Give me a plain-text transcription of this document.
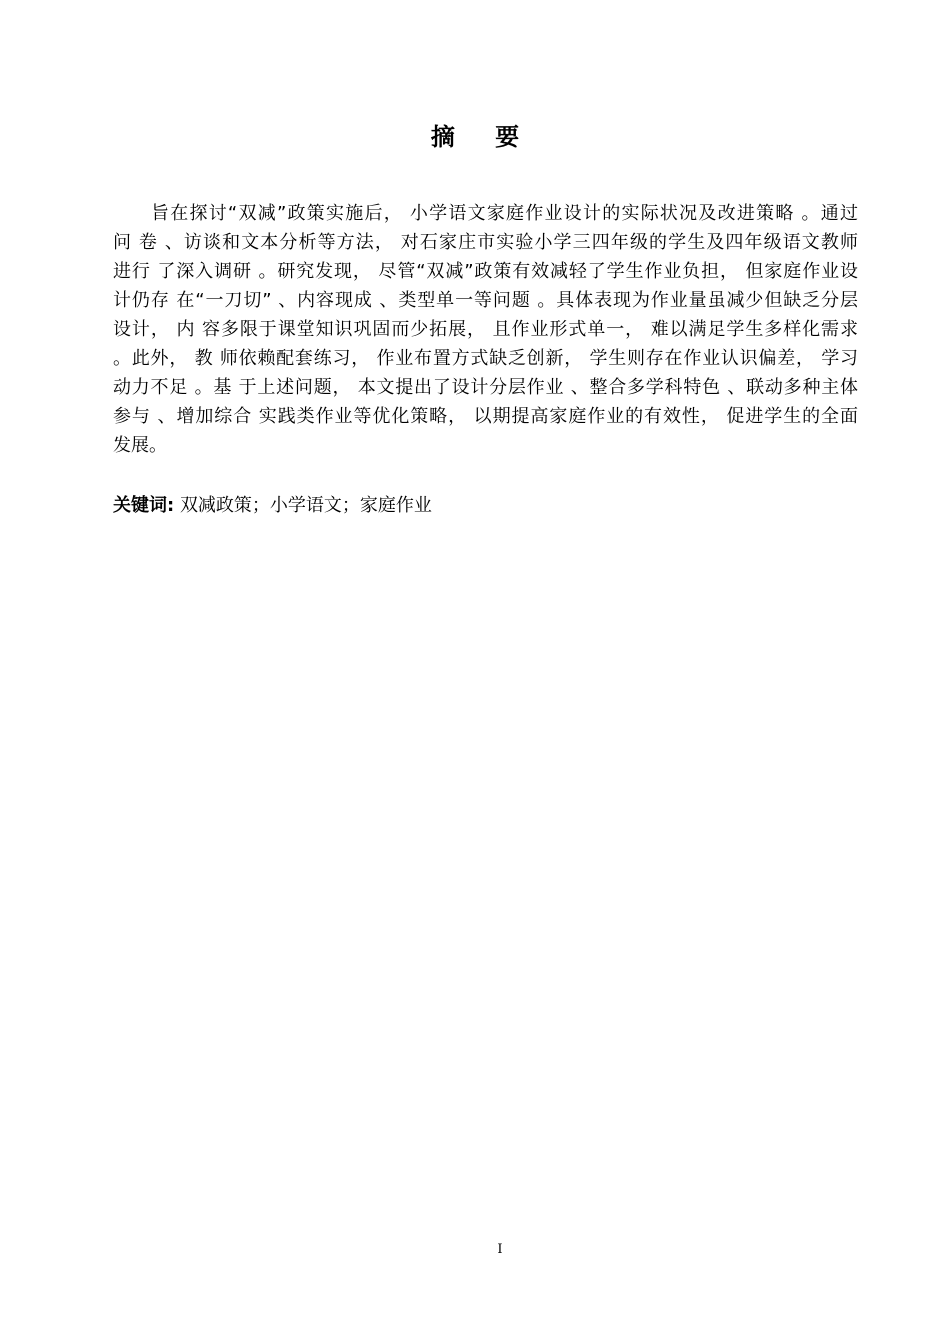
摘 要
旨在探讨“双减”政策实施后， 小学语文家庭作业设计的实际状况及改进策略 。通过
问 卷 、访谈和文本分析等方法， 对石家庄市实验小学三四年级的学生及四年级语文教师
进行 了深入调研 。研究发现， 尽管“双减”政策有效减轻了学生作业负担， 但家庭作业设
计仍存 在“一刀切” 、内容现成 、类型单一等问题 。具体表现为作业量虽减少但缺乏分层
设计， 内 容多限于课堂知识巩固而少拓展， 且作业形式单一， 难以满足学生多样化需求
。此外， 教 师依赖配套练习， 作业布置方式缺乏创新， 学生则存在作业认识偏差， 学习
动力不足 。基 于上述问题， 本文提出了设计分层作业 、整合多学科特色 、联动多种主体
参与 、增加综合 实践类作业等优化策略， 以期提高家庭作业的有效性， 促进学生的全面
发展。
关键词: 双减政策；小学语文；家庭作业
I
